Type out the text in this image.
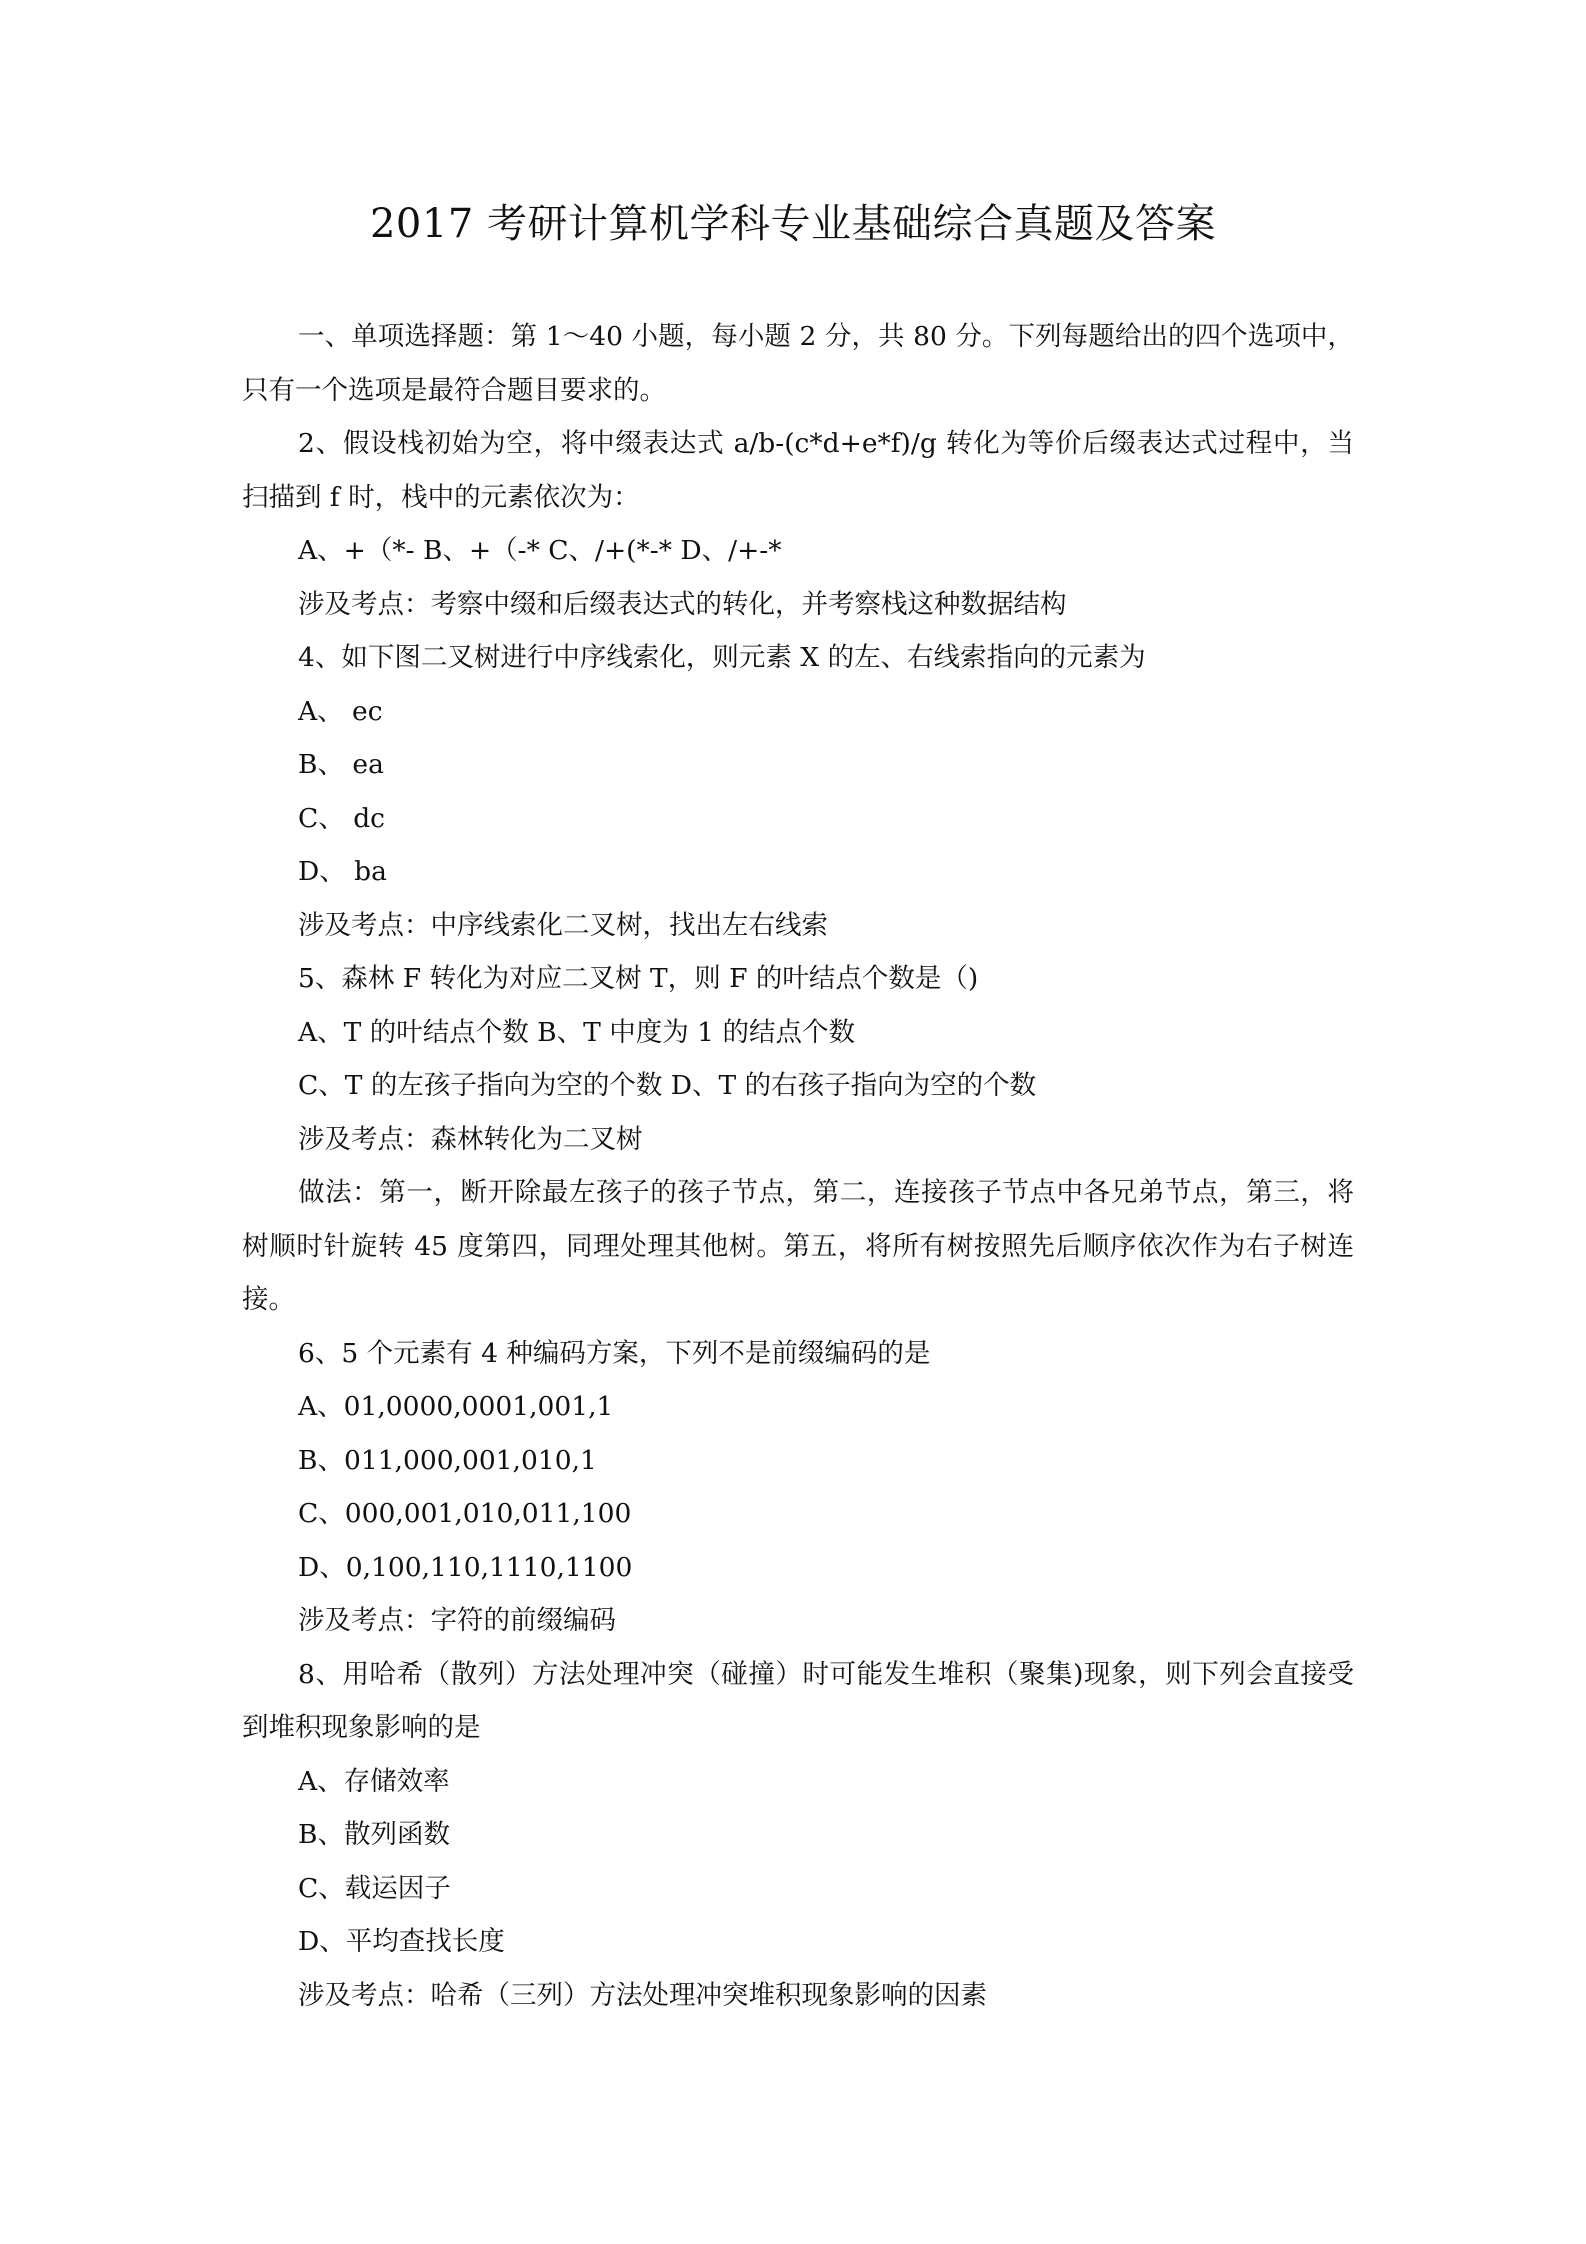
2017 考研计算机学科专业基础综合真题及答案

一、单项选择题：第 1～40 小题，每小题 2 分，共 80 分。下列每题给出的四个选项中，只有一个选项是最符合题目要求的。

2、假设栈初始为空，将中缀表达式 a/b-(c*d+e*f)/g 转化为等价后缀表达式过程中，当扫描到 f 时，栈中的元素依次为：

A、+（*- B、+（-* C、/+(*-* D、/+-*

涉及考点：考察中缀和后缀表达式的转化，并考察栈这种数据结构

4、如下图二叉树进行中序线索化，则元素 X 的左、右线索指向的元素为

A、 ec

B、 ea

C、 dc

D、 ba

涉及考点：中序线索化二叉树，找出左右线索

5、森林 F 转化为对应二叉树 T，则 F 的叶结点个数是（)

A、T 的叶结点个数 B、T 中度为 1 的结点个数

C、T 的左孩子指向为空的个数 D、T 的右孩子指向为空的个数

涉及考点：森林转化为二叉树

做法：第一，断开除最左孩子的孩子节点，第二，连接孩子节点中各兄弟节点，第三，将树顺时针旋转 45 度第四，同理处理其他树。第五，将所有树按照先后顺序依次作为右子树连接。

6、5 个元素有 4 种编码方案，下列不是前缀编码的是

A、01,0000,0001,001,1

B、011,000,001,010,1

C、000,001,010,011,100

D、0,100,110,1110,1100

涉及考点：字符的前缀编码

8、用哈希（散列）方法处理冲突（碰撞）时可能发生堆积（聚集)现象，则下列会直接受到堆积现象影响的是

A、存储效率

B、散列函数

C、载运因子

D、平均查找长度

涉及考点：哈希（三列）方法处理冲突堆积现象影响的因素
